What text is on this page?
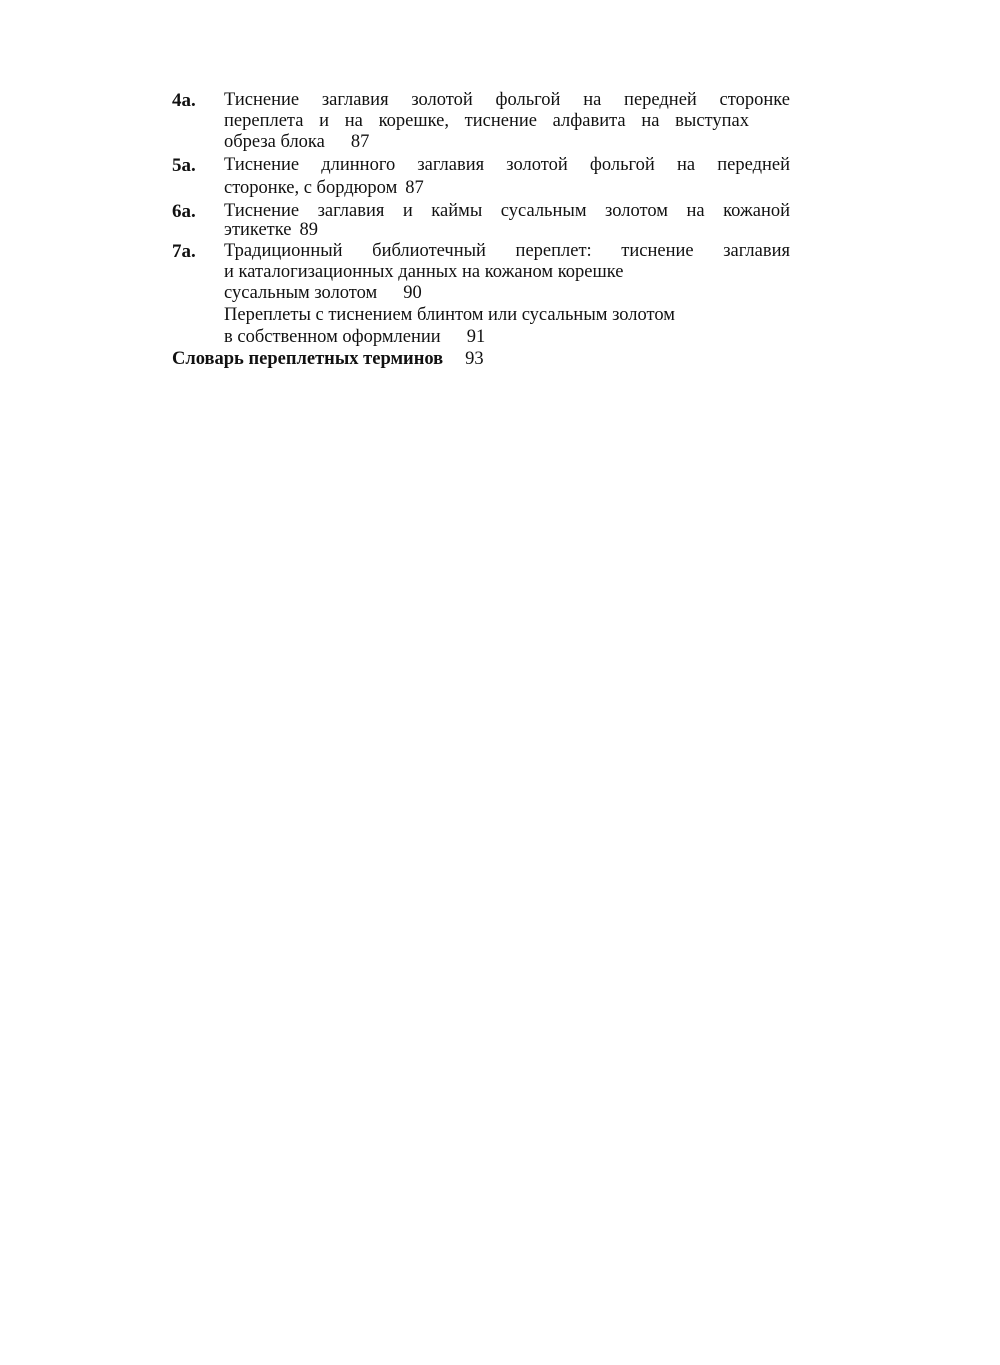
4a. Тиснение заглавия золотой фольгой на передней сторонке
переплета и на корешке, тиснение алфавита на выступах
обреза блока 87
5a. Тиснение длинного заглавия золотой фольгой на передней
сторонке, с бордюром 87
6a. Тиснение заглавия и каймы сусальным золотом на кожаной
этикетке 89
7a. Традиционный библиотечный переплет: тиснение заглавия
и каталогизационных данных на кожаном корешке
сусальным золотом 90
Переплеты с тиснением блинтом или сусальным золотом
в собственном оформлении 91
Словарь переплетных терминов 93
